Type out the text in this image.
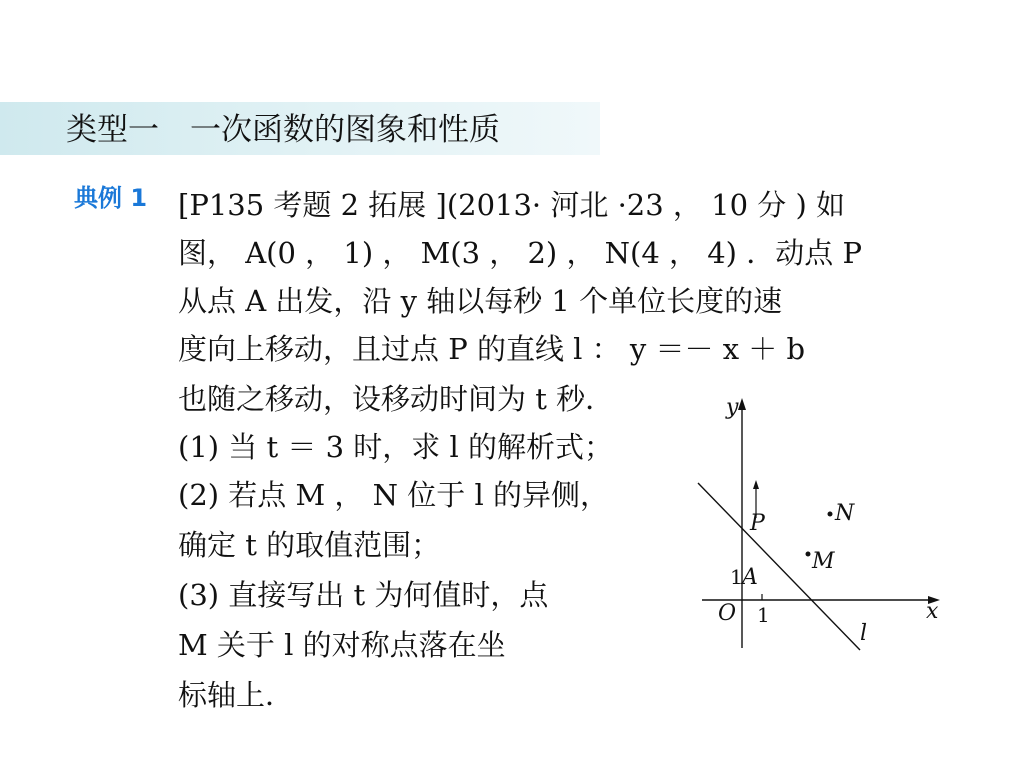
类型一　一次函数的图象和性质
典例 1 [P135 考题 2 拓展 ](2013· 河北 ·23 ， 10 分 ) 如
图， A(0 ， 1) ， M(3 ， 2) ， N(4 ， 4) ．动点 P
从点 A 出发，沿 y 轴以每秒 1 个单位长度的速
度向上移动，且过点 P 的直线 l ： y ＝－ x ＋ b
也随之移动，设移动时间为 t 秒．
(1) 当 t ＝ 3 时，求 l 的解析式；
(2) 若点 M ， N 位于 l 的异侧，
确定 t 的取值范围；
(3) 直接写出 t 为何值时，点
M 关于 l 的对称点落在坐
标轴上．
y
x
O
P
A
N
M
l
1
1
